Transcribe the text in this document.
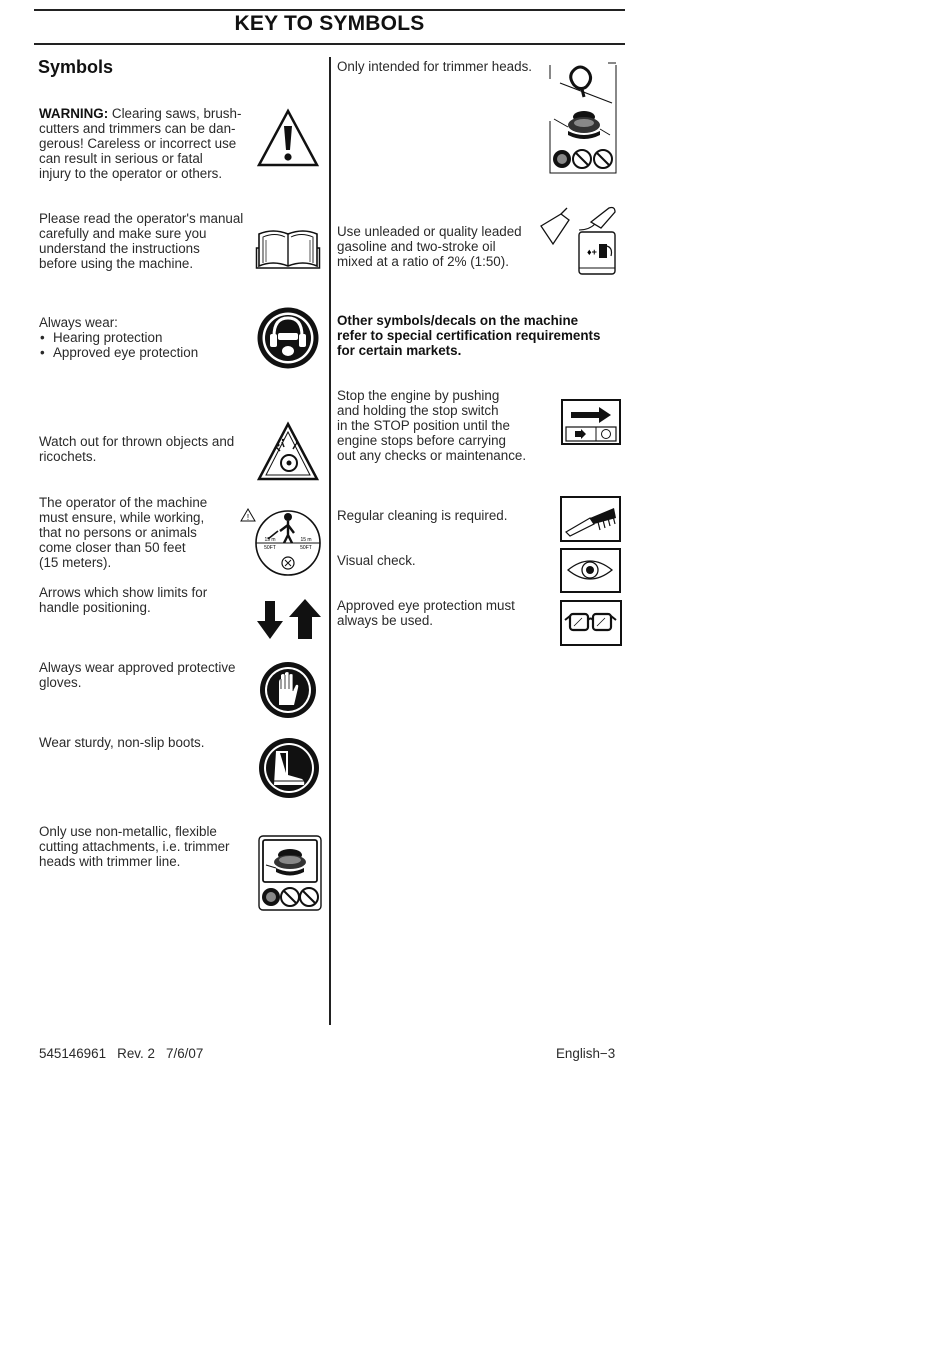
KEY TO SYMBOLS
Symbols
WARNING: Clearing saws, brush-
cutters and trimmers can be dan-
gerous! Careless or incorrect use
can result in serious or fatal
injury to the operator or others.
Please read the operator's manual
carefully and make sure you
understand the instructions
before using the machine.
Always wear:
• Hearing protection
• Approved eye protection
Watch out for thrown objects and
ricochets.
The operator of the machine
must ensure, while working,
that no persons or animals
come closer than 50 feet
(15 meters).
!
15 m
50FT
15 m
50FT
Arrows which show limits for
handle positioning.
Always wear approved protective
gloves.
Wear sturdy, non-slip boots.
Only use non-metallic, flexible
cutting attachments, i.e. trimmer
heads with trimmer line.
Only intended for trimmer heads.
Use unleaded or quality leaded
gasoline and two-stroke oil
mixed at a ratio of 2% (1:50).
♦+
Other symbols/decals on the machine
refer to special certification requirements
for certain markets.
Stop the engine by pushing
and holding the stop switch
in the STOP position until the
engine stops before carrying
out any checks or maintenance.
Regular cleaning is required.
Visual check.
Approved eye protection must
always be used.
545146961   Rev. 2   7/6/07	English−3
